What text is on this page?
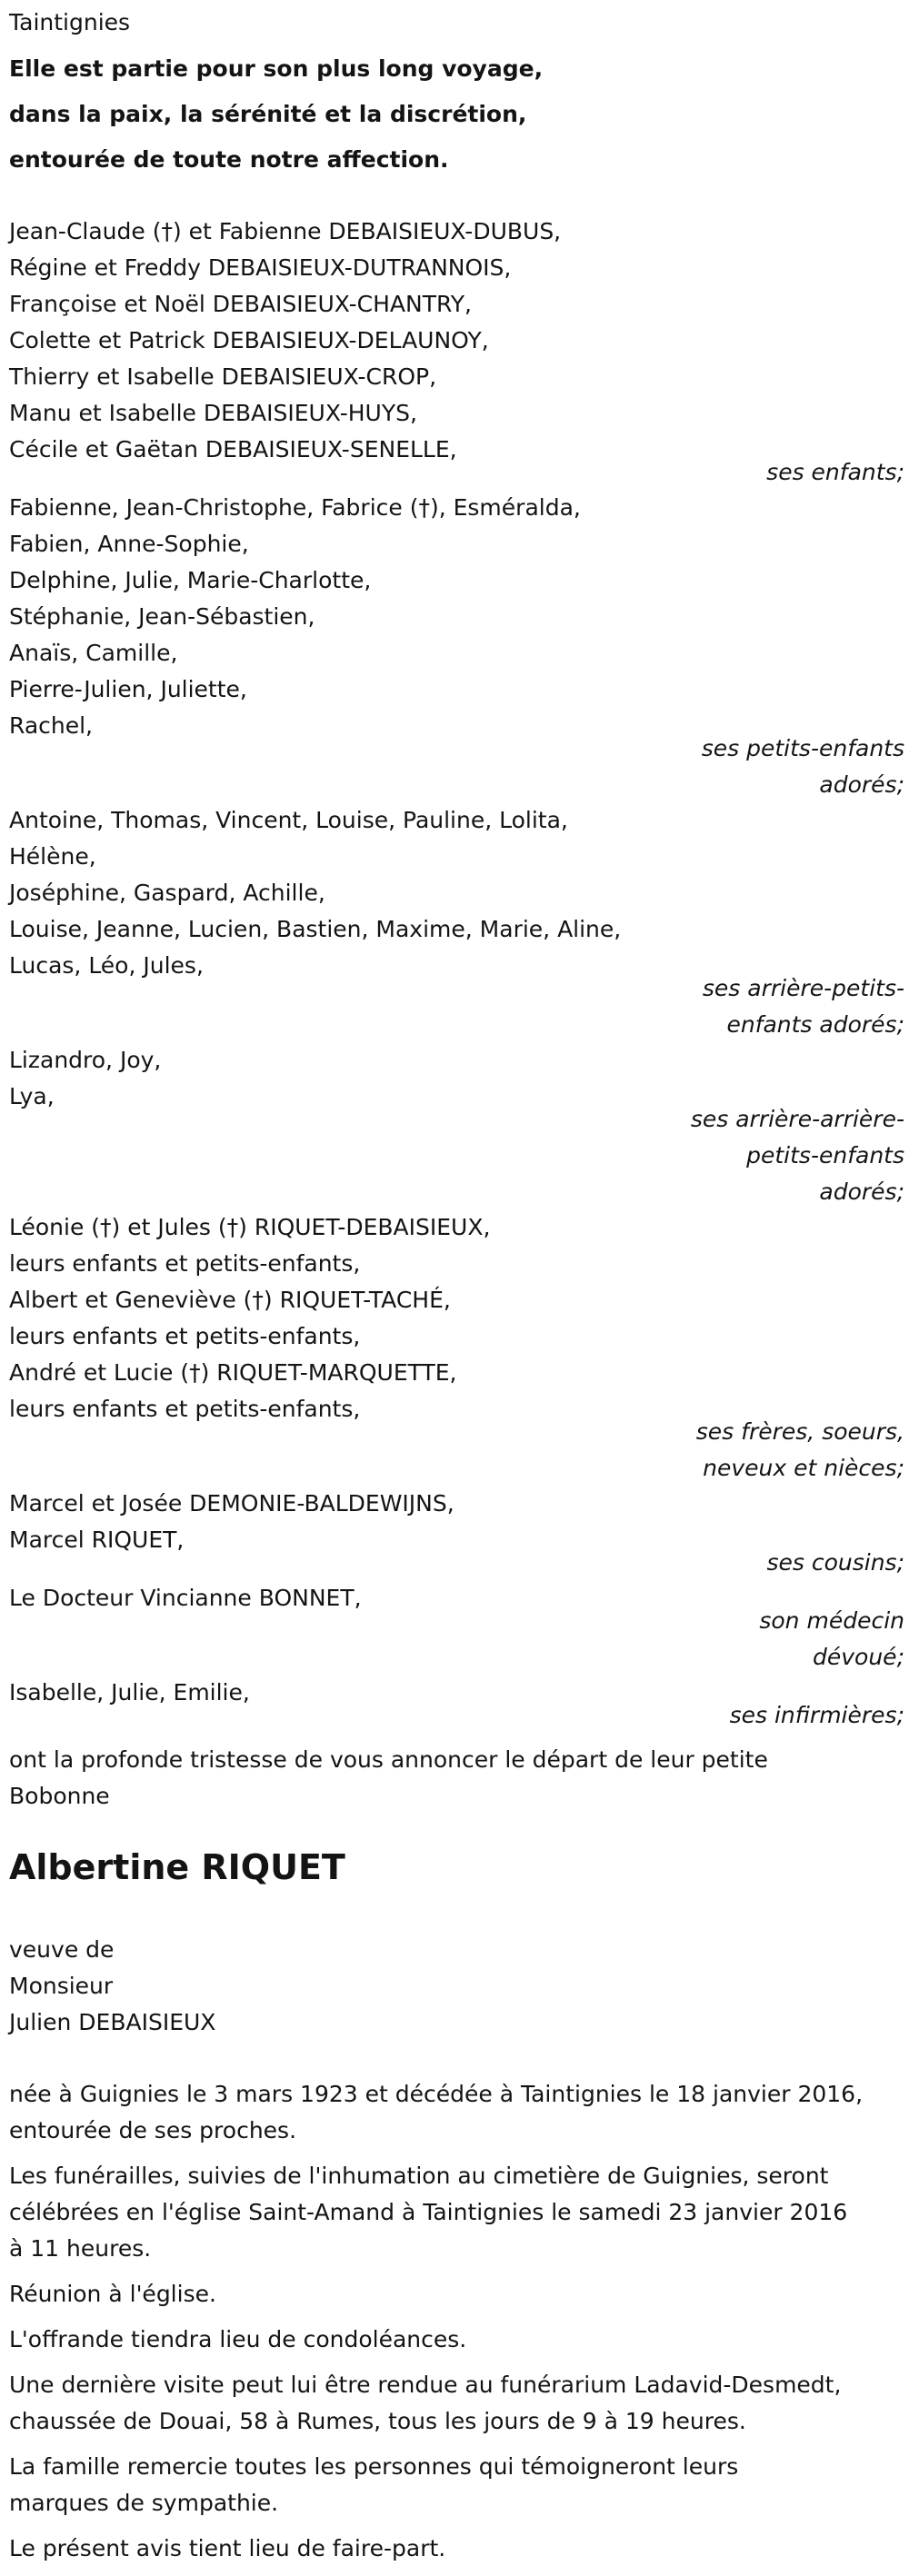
Taintignies
Elle est partie pour son plus long voyage,
dans la paix, la sérénité et la discrétion,
entourée de toute notre affection.
Jean-Claude (†) et Fabienne DEBAISIEUX-DUBUS,
Régine et Freddy DEBAISIEUX-DUTRANNOIS,
Françoise et Noël DEBAISIEUX-CHANTRY,
Colette et Patrick DEBAISIEUX-DELAUNOY,
Thierry et Isabelle DEBAISIEUX-CROP,
Manu et Isabelle DEBAISIEUX-HUYS,
Cécile et Gaëtan DEBAISIEUX-SENELLE,
ses enfants;
Fabienne, Jean-Christophe, Fabrice (†), Esméralda,
Fabien, Anne-Sophie,
Delphine, Julie, Marie-Charlotte,
Stéphanie, Jean-Sébastien,
Anaïs, Camille,
Pierre-Julien, Juliette,
Rachel,
ses petits-enfants
adorés;
Antoine, Thomas, Vincent, Louise, Pauline, Lolita,
Hélène,
Joséphine, Gaspard, Achille,
Louise, Jeanne, Lucien, Bastien, Maxime, Marie, Aline,
Lucas, Léo, Jules,
ses arrière-petits-
enfants adorés;
Lizandro, Joy,
Lya,
ses arrière-arrière-
petits-enfants
adorés;
Léonie (†) et Jules (†) RIQUET-DEBAISIEUX,
leurs enfants et petits-enfants,
Albert et Geneviève (†) RIQUET-TACHÉ,
leurs enfants et petits-enfants,
André et Lucie (†) RIQUET-MARQUETTE,
leurs enfants et petits-enfants,
ses frères, soeurs,
neveux et nièces;
Marcel et Josée DEMONIE-BALDEWIJNS,
Marcel RIQUET,
ses cousins;
Le Docteur Vincianne BONNET,
son médecin
dévoué;
Isabelle, Julie, Emilie,
ses infirmières;
ont la profonde tristesse de vous annoncer le départ de leur petite
Bobonne
Albertine RIQUET
veuve de
Monsieur
Julien DEBAISIEUX
née à Guignies le 3 mars 1923 et décédée à Taintignies le 18 janvier 2016,
entourée de ses proches.
Les funérailles, suivies de l'inhumation au cimetière de Guignies, seront
célébrées en l'église Saint-Amand à Taintignies le samedi 23 janvier 2016
à 11 heures.
Réunion à l'église.
L'offrande tiendra lieu de condoléances.
Une dernière visite peut lui être rendue au funérarium Ladavid-Desmedt,
chaussée de Douai, 58 à Rumes, tous les jours de 9 à 19 heures.
La famille remercie toutes les personnes qui témoigneront leurs
marques de sympathie.
Le présent avis tient lieu de faire-part.
